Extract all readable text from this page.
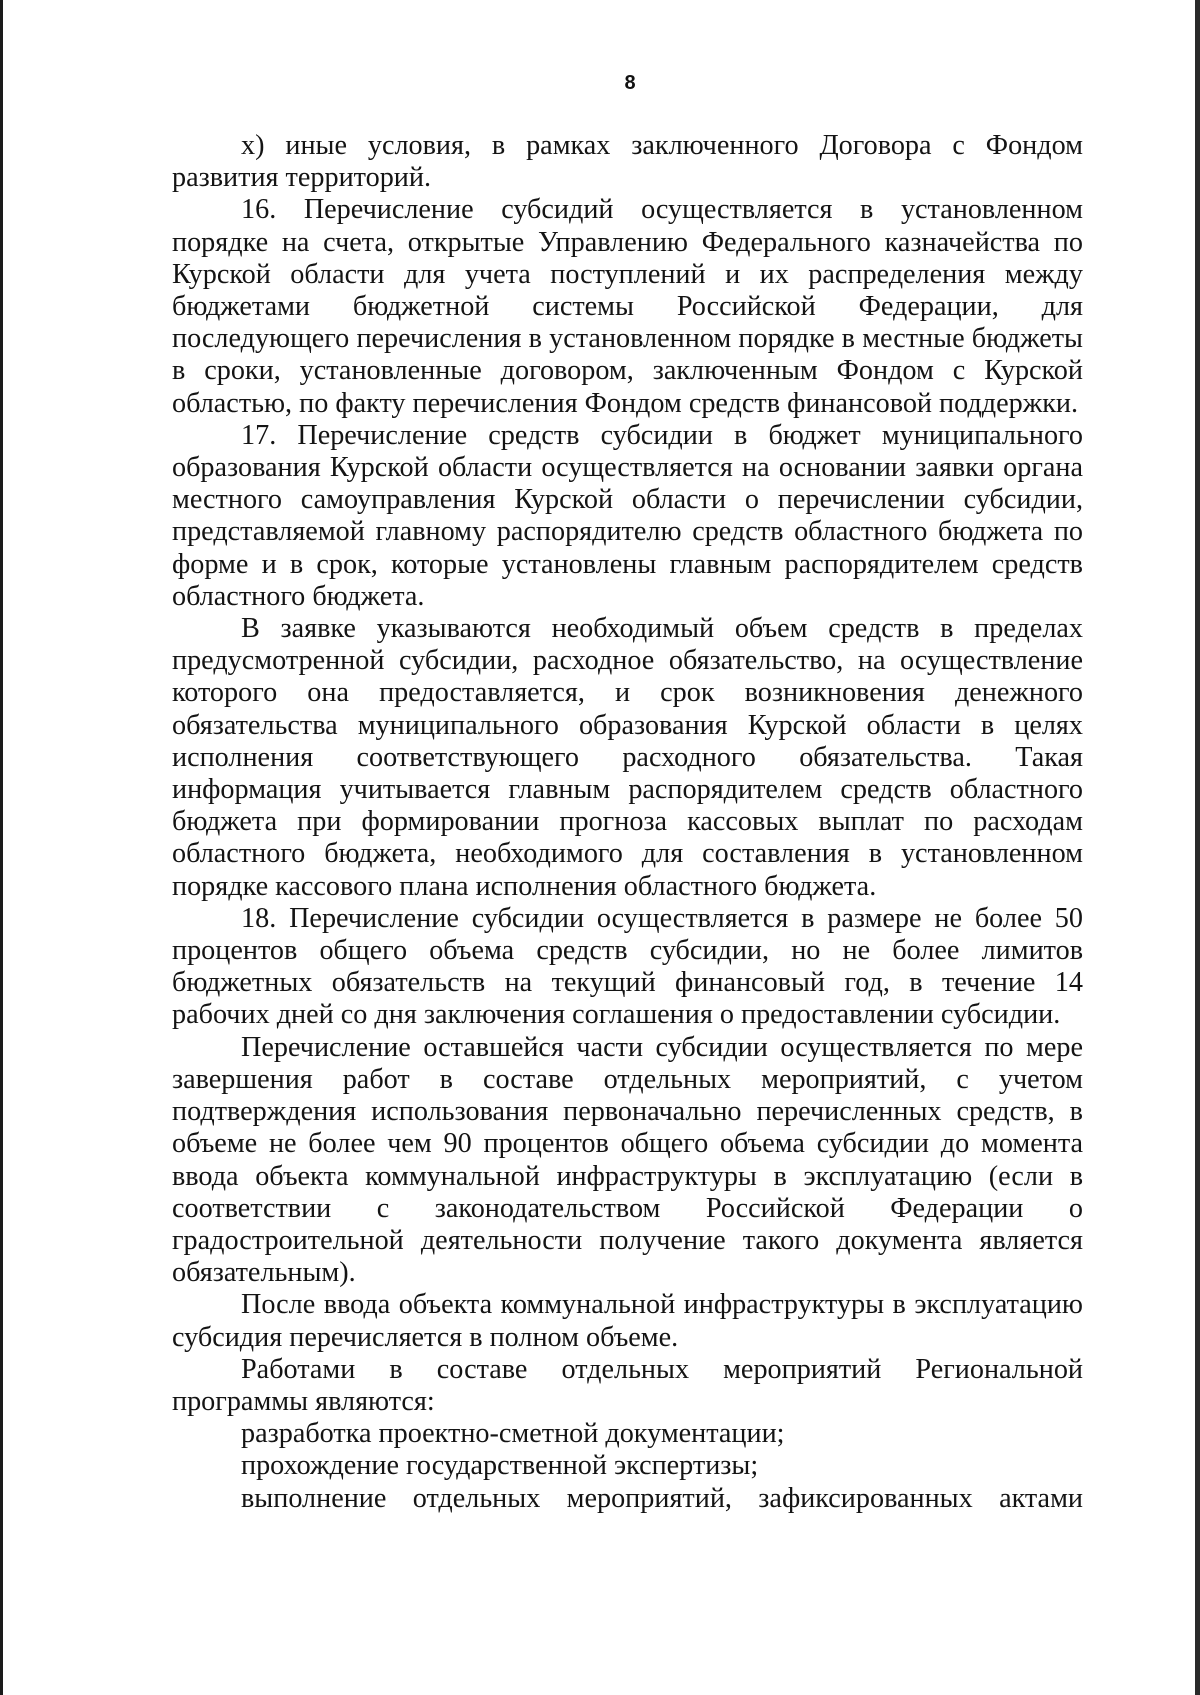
8

х) иные условия, в рамках заключенного Договора с Фондом развития территорий.

16. Перечисление субсидий осуществляется в установленном порядке на счета, открытые Управлению Федерального казначейства по Курской области для учета поступлений и их распределения между бюджетами бюджетной системы Российской Федерации, для последующего перечисления в установленном порядке в местные бюджеты в сроки, установленные договором, заключенным Фондом с Курской областью, по факту перечисления Фондом средств финансовой поддержки.

17. Перечисление средств субсидии в бюджет муниципального образования Курской области осуществляется на основании заявки органа местного самоуправления Курской области о перечислении субсидии, представляемой главному распорядителю средств областного бюджета по форме и в срок, которые установлены главным распорядителем средств областного бюджета.

В заявке указываются необходимый объем средств в пределах предусмотренной субсидии, расходное обязательство, на осуществление которого она предоставляется, и срок возникновения денежного обязательства муниципального образования Курской области в целях исполнения соответствующего расходного обязательства. Такая информация учитывается главным распорядителем средств областного бюджета при формировании прогноза кассовых выплат по расходам областного бюджета, необходимого для составления в установленном порядке кассового плана исполнения областного бюджета.

18. Перечисление субсидии осуществляется в размере не более 50 процентов общего объема средств субсидии, но не более лимитов бюджетных обязательств на текущий финансовый год, в течение 14 рабочих дней со дня заключения соглашения о предоставлении субсидии.

Перечисление оставшейся части субсидии осуществляется по мере завершения работ в составе отдельных мероприятий, с учетом подтверждения использования первоначально перечисленных средств, в объеме не более чем 90 процентов общего объема субсидии до момента ввода объекта коммунальной инфраструктуры в эксплуатацию (если в соответствии с законодательством Российской Федерации о градостроительной деятельности получение такого документа является обязательным).

После ввода объекта коммунальной инфраструктуры в эксплуатацию субсидия перечисляется в полном объеме.

Работами в составе отдельных мероприятий Региональной программы являются:

разработка проектно-сметной документации;

прохождение государственной экспертизы;

выполнение отдельных мероприятий, зафиксированных актами
